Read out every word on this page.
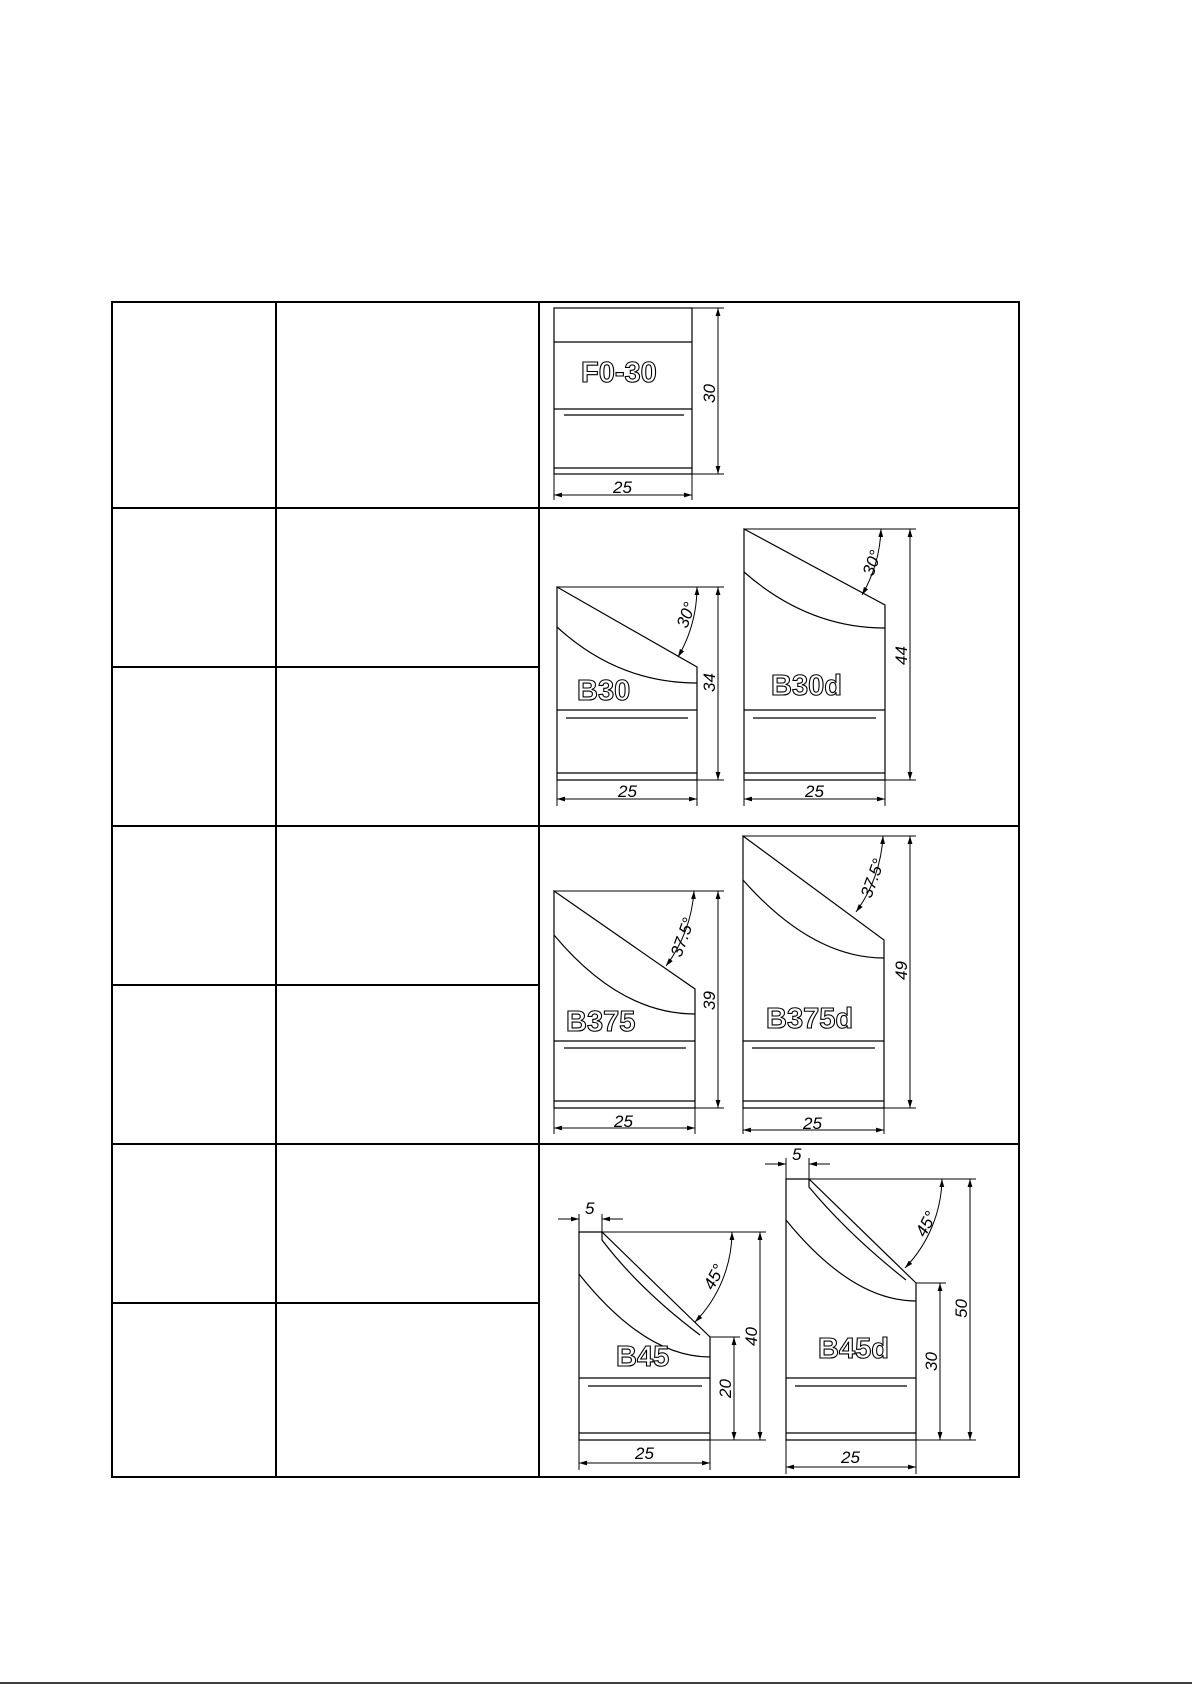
F0-30
30
25
B30
30°
34
25
B30d
30°
44
25
B375
37.5°
39
25
B375d
37.5°
49
25
B45
5
45°
20
40
25
B45d
5
45°
30
50
25
